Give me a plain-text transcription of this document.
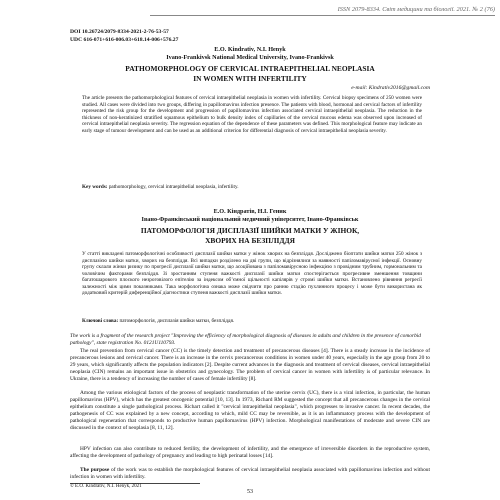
ISSN 2079-8334. Світ медицини та біології. 2021. № 2 (76)
DOI 10.26724/2079-8334-2021-2-76-53-57
UDC 616-071+616-006.03+618.14-006+576.27
E.O. Kindrativ, N.I. Henyk
Ivano-Frankivsk National Medical University, Ivano-Frankivsk
PATHOMORPHOLOGY OF CERVICAL INTRAEPITHELIAL NEOPLASIA
IN WOMEN WITH INFERTILITY
e-mail: Kindrativ2016@gmail.com
The article presents the pathomorphological features of cervical intraepithelial neoplasia in women with infertility. Cervical biopsy specimens of 250 women were studied. All cases were divided into two groups, differing in papillomavirus infection presence. The patients with blood, hormonal and cervical factors of infertility represented the risk group for the development and progression of papillomavirus infection associated cervical intraepithelial neoplasia. The reduction in the thickness of non-keratinized stratified squamous epithelium to bulk density index of capillaries of the cervical mucous edema was observed upon increased of cervical intraepithelial neoplasia severity. The regression equation of the dependence of these parameters was defined. This morphological feature may indicate an early stage of tumour development and can be used as an additional criterion for differential diagnosis of cervical intraepithelial neoplasia severity.
Key words: pathomorphology, cervical intraepithelial neoplasia, infertility.
Е.О. Кіндратів, Н.І. Геник
Івано-Франківський національний медичний університет, Івано-Франківськ
ПАТОМОРФОЛОГІЯ ДИСПЛАЗІЇ ШИЙКИ МАТКИ У ЖІНОК,
ХВОРИХ НА БЕЗПЛІДДЯ
У статті викладені патоморфологічні особливості дисплазії шийки матки у жінок хворих на безпліддя. Досліджено біоптати шийки матки 250 жінок з дисплазією шийки матки, хворих на безпліддя. Всі випадки розділено на дві групи, що відрізнялися за наявності папіломавірусної інфекції. Основну групу склали жінки ризику по прогресії дисплазії шийки матки, що асоційована з папіломавірусною інфекцією з провідним трубним, гормональним та чоловічим факторами безпліддя. Зі зростанням ступеня важкості дисплазії шийки матки спостерігається прогресивне зменшення товщини багатошарового плоского незроговілого епітелію за індексом обʼємної щільності капілярів у стромі шийки матки. Встановлено рівняння регресії залежності між цими показниками. Така морфологічна ознака може свідчити про ранню стадію пухлинного процесу і може бути використана як додатковий критерій диференційної діагностики ступеня важкості дисплазії шийки матки.
Ключові слова: патоморфологія, дисплазія шийки матки, безпліддя.
The work is a fragment of the research project "Improving the efficiency of morphological diagnosis of diseases in adults and children in the presence of comorbid pathology", state registration No. 0121U110793.
The real prevention from cervical cancer (CC) is the timely detection and treatment of precancerous diseases [4]. There is a steady increase in the incidence of precancerous lesions and cervical cancer. There is an increase in the cervix precancerous conditions in women under 40 years, especially in the age group from 20 to 29 years, which significantly affects the population indicators [2]. Despite current advances in the diagnosis and treatment of cervical diseases, cervical intraepithelial neoplasia (CIN) remains an important issue in obstetrics and gynecology. The problem of cervical cancer in women with infertility is of particular relevance. In Ukraine, there is a tendency of increasing the number of cases of female infertility [8].
Among the various etiological factors of the process of neoplastic transformation of the uterine cervix (UC), there is a viral infection, in particular, the human papillomavirus (HPV), which has the greatest oncogenic potential [10, 13]. In 1973, Richard RM suggested the concept that all precancerous changes in the cervical epithelium constitute a single pathological process. Richart called it "cervical intraepithelial neoplasia", which progresses to invasive cancer. In recent decades, the pathogenesis of CC was explained by a new concept, according to which, mild CC may be reversible, as it is an inflammatory process with the development of pathological regeneration that corresponds to productive human papillomavirus (HPV) infection. Morphological manifestations of moderate and severe CIN are discussed in the context of neoplasia [8, 11, 12].
HPV infection can also contribute to reduced fertility, the development of infertility, and the emergence of irreversible disorders in the reproductive system, affecting the development of pathology of pregnancy and leading to high perinatal losses [14].
The purpose of the work was to establish the morphological features of cervical intraepithelial neoplasia associated with papillomavirus infection and without infection in women with infertility.
© E.O. Kindrativ, N.I. Henyk, 2021
53
